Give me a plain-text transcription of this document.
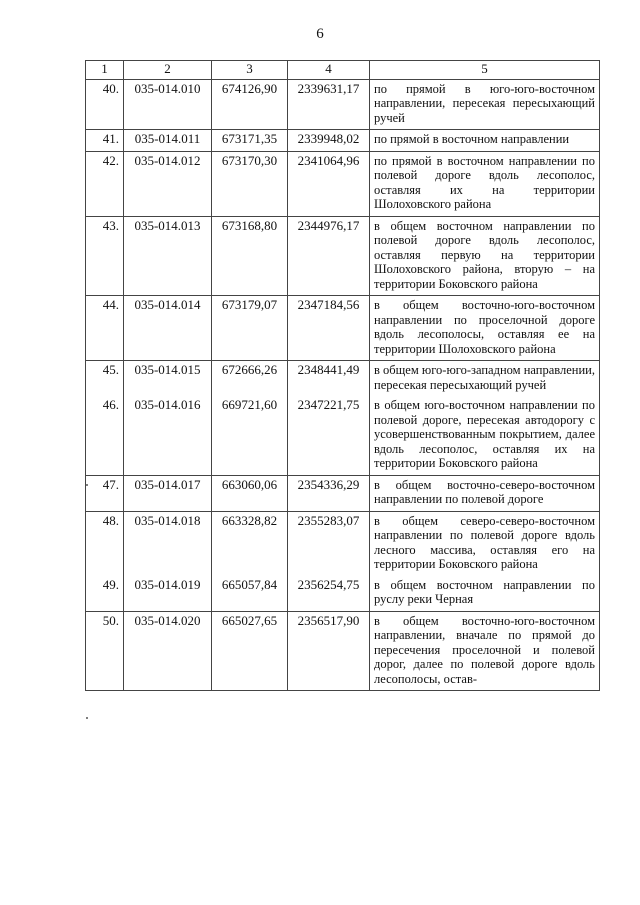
6
1	2	3	4	5
40.	035-014.010	674126,90	2339631,17	по прямой в юго-юго-восточном направлении, пересекая пересыхающий ручей
41.	035-014.011	673171,35	2339948,02	по прямой в восточном направлении
42.	035-014.012	673170,30	2341064,96	по прямой в восточном направлении по полевой дороге вдоль лесополос, оставляя их на территории Шолоховского района
43.	035-014.013	673168,80	2344976,17	в общем восточном направлении по полевой дороге вдоль лесополос, оставляя первую на территории Шолоховского района, вторую – на территории Боковского района
44.	035-014.014	673179,07	2347184,56	в общем восточно-юго-восточном направлении по проселочной дороге вдоль лесополосы, оставляя ее на территории Шолоховского района
45.	035-014.015	672666,26	2348441,49	в общем юго-юго-западном направлении, пересекая пересыхающий ручей
46.	035-014.016	669721,60	2347221,75	в общем юго-восточном направлении по полевой дороге, пересекая автодорогу с усовершенствованным покрытием, далее вдоль лесополос, оставляя их на территории Боковского района
47.	035-014.017	663060,06	2354336,29	в общем восточно-северо-восточном направлении по полевой дороге
48.	035-014.018	663328,82	2355283,07	в общем северо-северо-восточном направлении по полевой дороге вдоль лесного массива, оставляя его на территории Боковского района
49.	035-014.019	665057,84	2356254,75	в общем восточном направлении по руслу реки Черная
50.	035-014.020	665027,65	2356517,90	в общем восточно-юго-восточном направлении, вначале по прямой до пересечения проселочной и полевой дорог, далее по полевой дороге вдоль лесополосы, остав-
